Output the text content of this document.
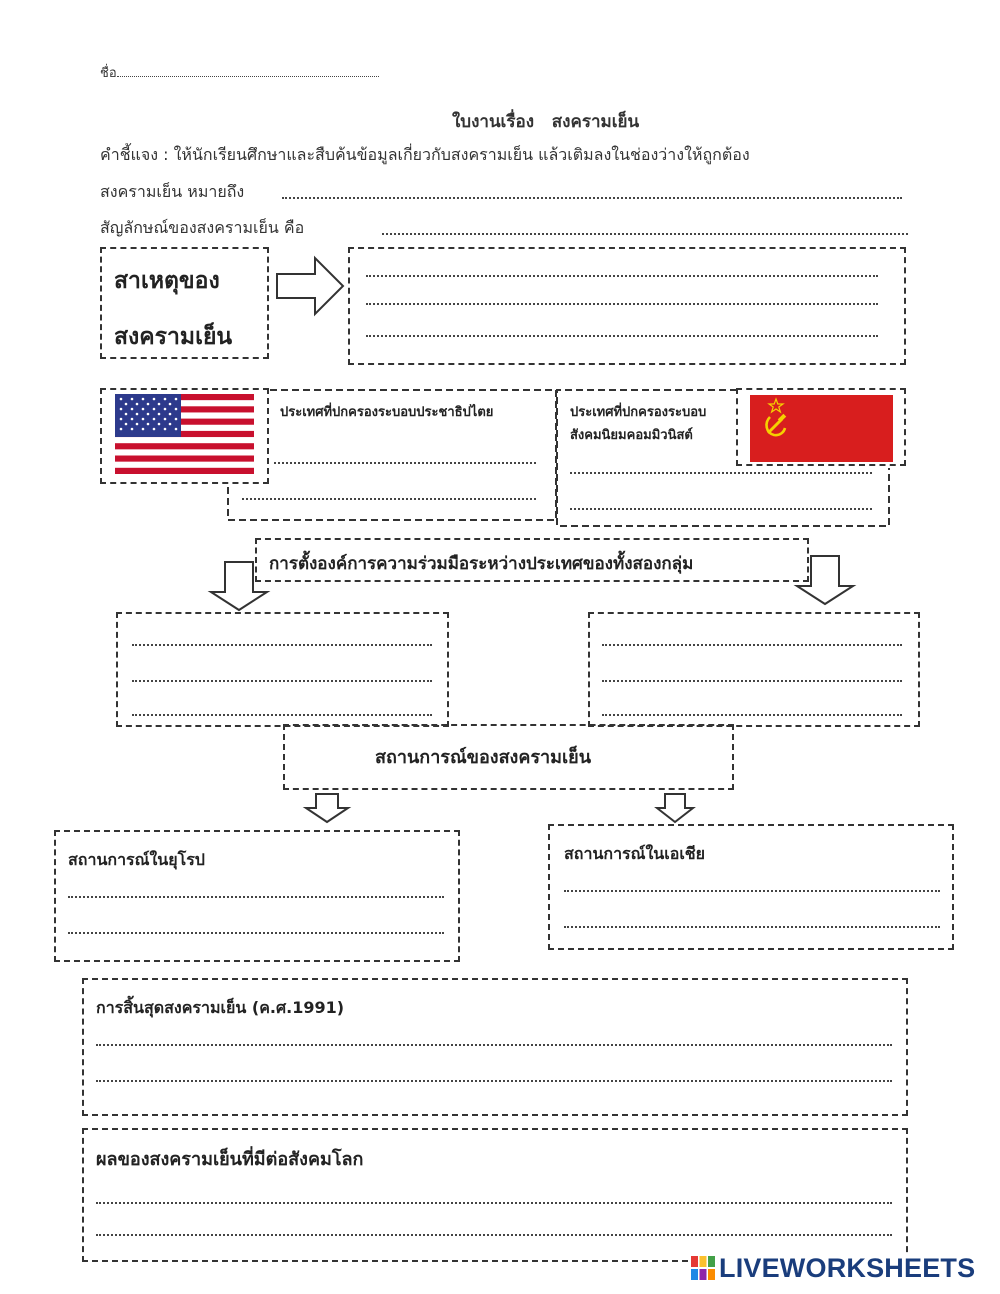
ชื่อ
ใบงานเรื่อง สงครามเย็น
คำชี้แจง : ให้นักเรียนศึกษาและสืบค้นข้อมูลเกี่ยวกับสงครามเย็น แล้วเติมลงในช่องว่างให้ถูกต้อง
สงครามเย็น หมายถึง
สัญลักษณ์ของสงครามเย็น คือ
สาเหตุของ
สงครามเย็น
ประเทศที่ปกครองระบอบประชาธิปไตย	ประเทศที่ปกครองระบอบ
สังคมนิยมคอมมิวนิสต์
การตั้งองค์การความร่วมมือระหว่างประเทศของทั้งสองกลุ่ม
สถานการณ์ของสงครามเย็น
สถานการณ์ในยุโรป	สถานการณ์ในเอเชีย
การสิ้นสุดสงครามเย็น (ค.ศ.1991)
ผลของสงครามเย็นที่มีต่อสังคมโลก
LIVEWORKSHEETS
